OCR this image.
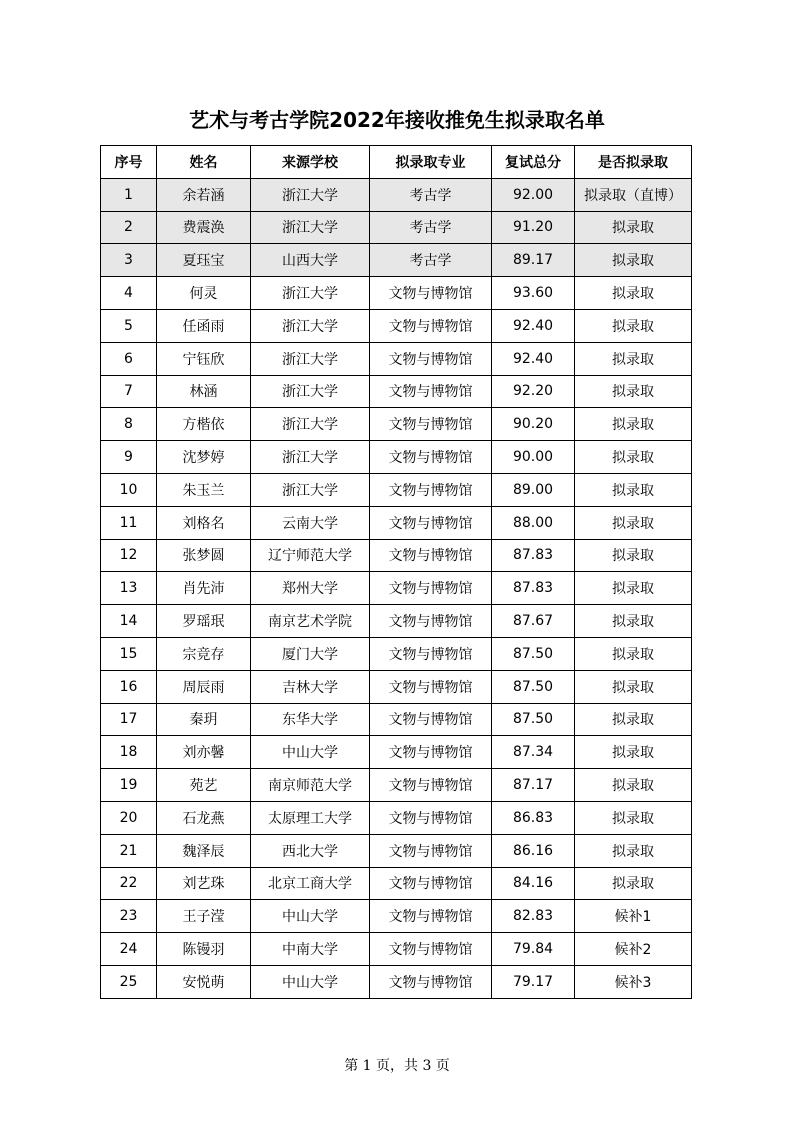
艺术与考古学院2022年接收推免生拟录取名单
序号	姓名	来源学校	拟录取专业	复试总分	是否拟录取
1	余若涵	浙江大学	考古学	92.00	拟录取（直博）
2	费震涣	浙江大学	考古学	91.20	拟录取
3	夏珏宝	山西大学	考古学	89.17	拟录取
4	何灵	浙江大学	文物与博物馆	93.60	拟录取
5	任函雨	浙江大学	文物与博物馆	92.40	拟录取
6	宁钰欣	浙江大学	文物与博物馆	92.40	拟录取
7	林涵	浙江大学	文物与博物馆	92.20	拟录取
8	方楷依	浙江大学	文物与博物馆	90.20	拟录取
9	沈梦婷	浙江大学	文物与博物馆	90.00	拟录取
10	朱玉兰	浙江大学	文物与博物馆	89.00	拟录取
11	刘格名	云南大学	文物与博物馆	88.00	拟录取
12	张梦圆	辽宁师范大学	文物与博物馆	87.83	拟录取
13	肖先沛	郑州大学	文物与博物馆	87.83	拟录取
14	罗瑶珉	南京艺术学院	文物与博物馆	87.67	拟录取
15	宗竞存	厦门大学	文物与博物馆	87.50	拟录取
16	周辰雨	吉林大学	文物与博物馆	87.50	拟录取
17	秦玥	东华大学	文物与博物馆	87.50	拟录取
18	刘亦馨	中山大学	文物与博物馆	87.34	拟录取
19	苑艺	南京师范大学	文物与博物馆	87.17	拟录取
20	石龙燕	太原理工大学	文物与博物馆	86.83	拟录取
21	魏泽辰	西北大学	文物与博物馆	86.16	拟录取
22	刘艺珠	北京工商大学	文物与博物馆	84.16	拟录取
23	王子滢	中山大学	文物与博物馆	82.83	候补1
24	陈镘羽	中南大学	文物与博物馆	79.84	候补2
25	安悦萌	中山大学	文物与博物馆	79.17	候补3
第 1 页，共 3 页
